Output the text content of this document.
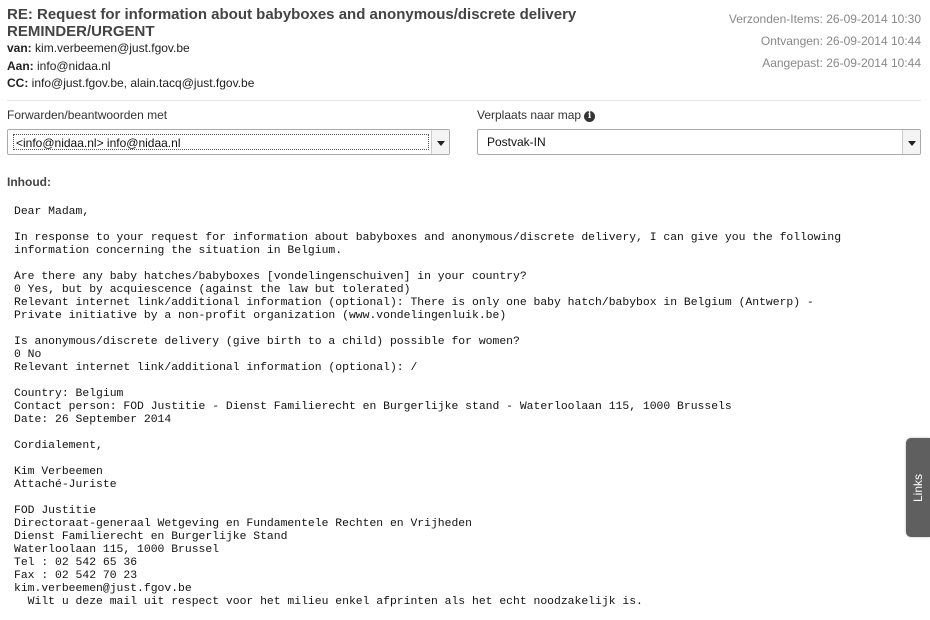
RE: Request for information about babyboxes and anonymous/discrete delivery REMINDER/URGENT
van: kim.verbeemen@just.fgov.be
Aan: info@nidaa.nl
CC: info@just.fgov.be, alain.tacq@just.fgov.be
Verzonden-Items: 26-09-2014 10:30
Ontvangen: 26-09-2014 10:44
Aangepast: 26-09-2014 10:44
Forwarden/beantwoorden met
<info@nidaa.nl> info@nidaa.nl
Verplaats naar map i
Postvak-IN
Inhoud:
Dear Madam,

In response to your request for information about babyboxes and anonymous/discrete delivery, I can give you the following
information concerning the situation in Belgium.

Are there any baby hatches/babyboxes [vondelingenschuiven] in your country?
0 Yes, but by acquiescence (against the law but tolerated)
Relevant internet link/additional information (optional): There is only one baby hatch/babybox in Belgium (Antwerp) -
Private initiative by a non-profit organization (www.vondelingenluik.be)

Is anonymous/discrete delivery (give birth to a child) possible for women?
0 No
Relevant internet link/additional information (optional): /

Country: Belgium
Contact person: FOD Justitie - Dienst Familierecht en Burgerlijke stand - Waterloolaan 115, 1000 Brussels
Date: 26 September 2014

Cordialement,

Kim Verbeemen
Attaché-Juriste

FOD Justitie
Directoraat-generaal Wetgeving en Fundamentele Rechten en Vrijheden
Dienst Familierecht en Burgerlijke Stand
Waterloolaan 115, 1000 Brussel
Tel : 02 542 65 36
Fax : 02 542 70 23
kim.verbeemen@just.fgov.be
Wilt u deze mail uit respect voor het milieu enkel afprinten als het echt noodzakelijk is.
Links
